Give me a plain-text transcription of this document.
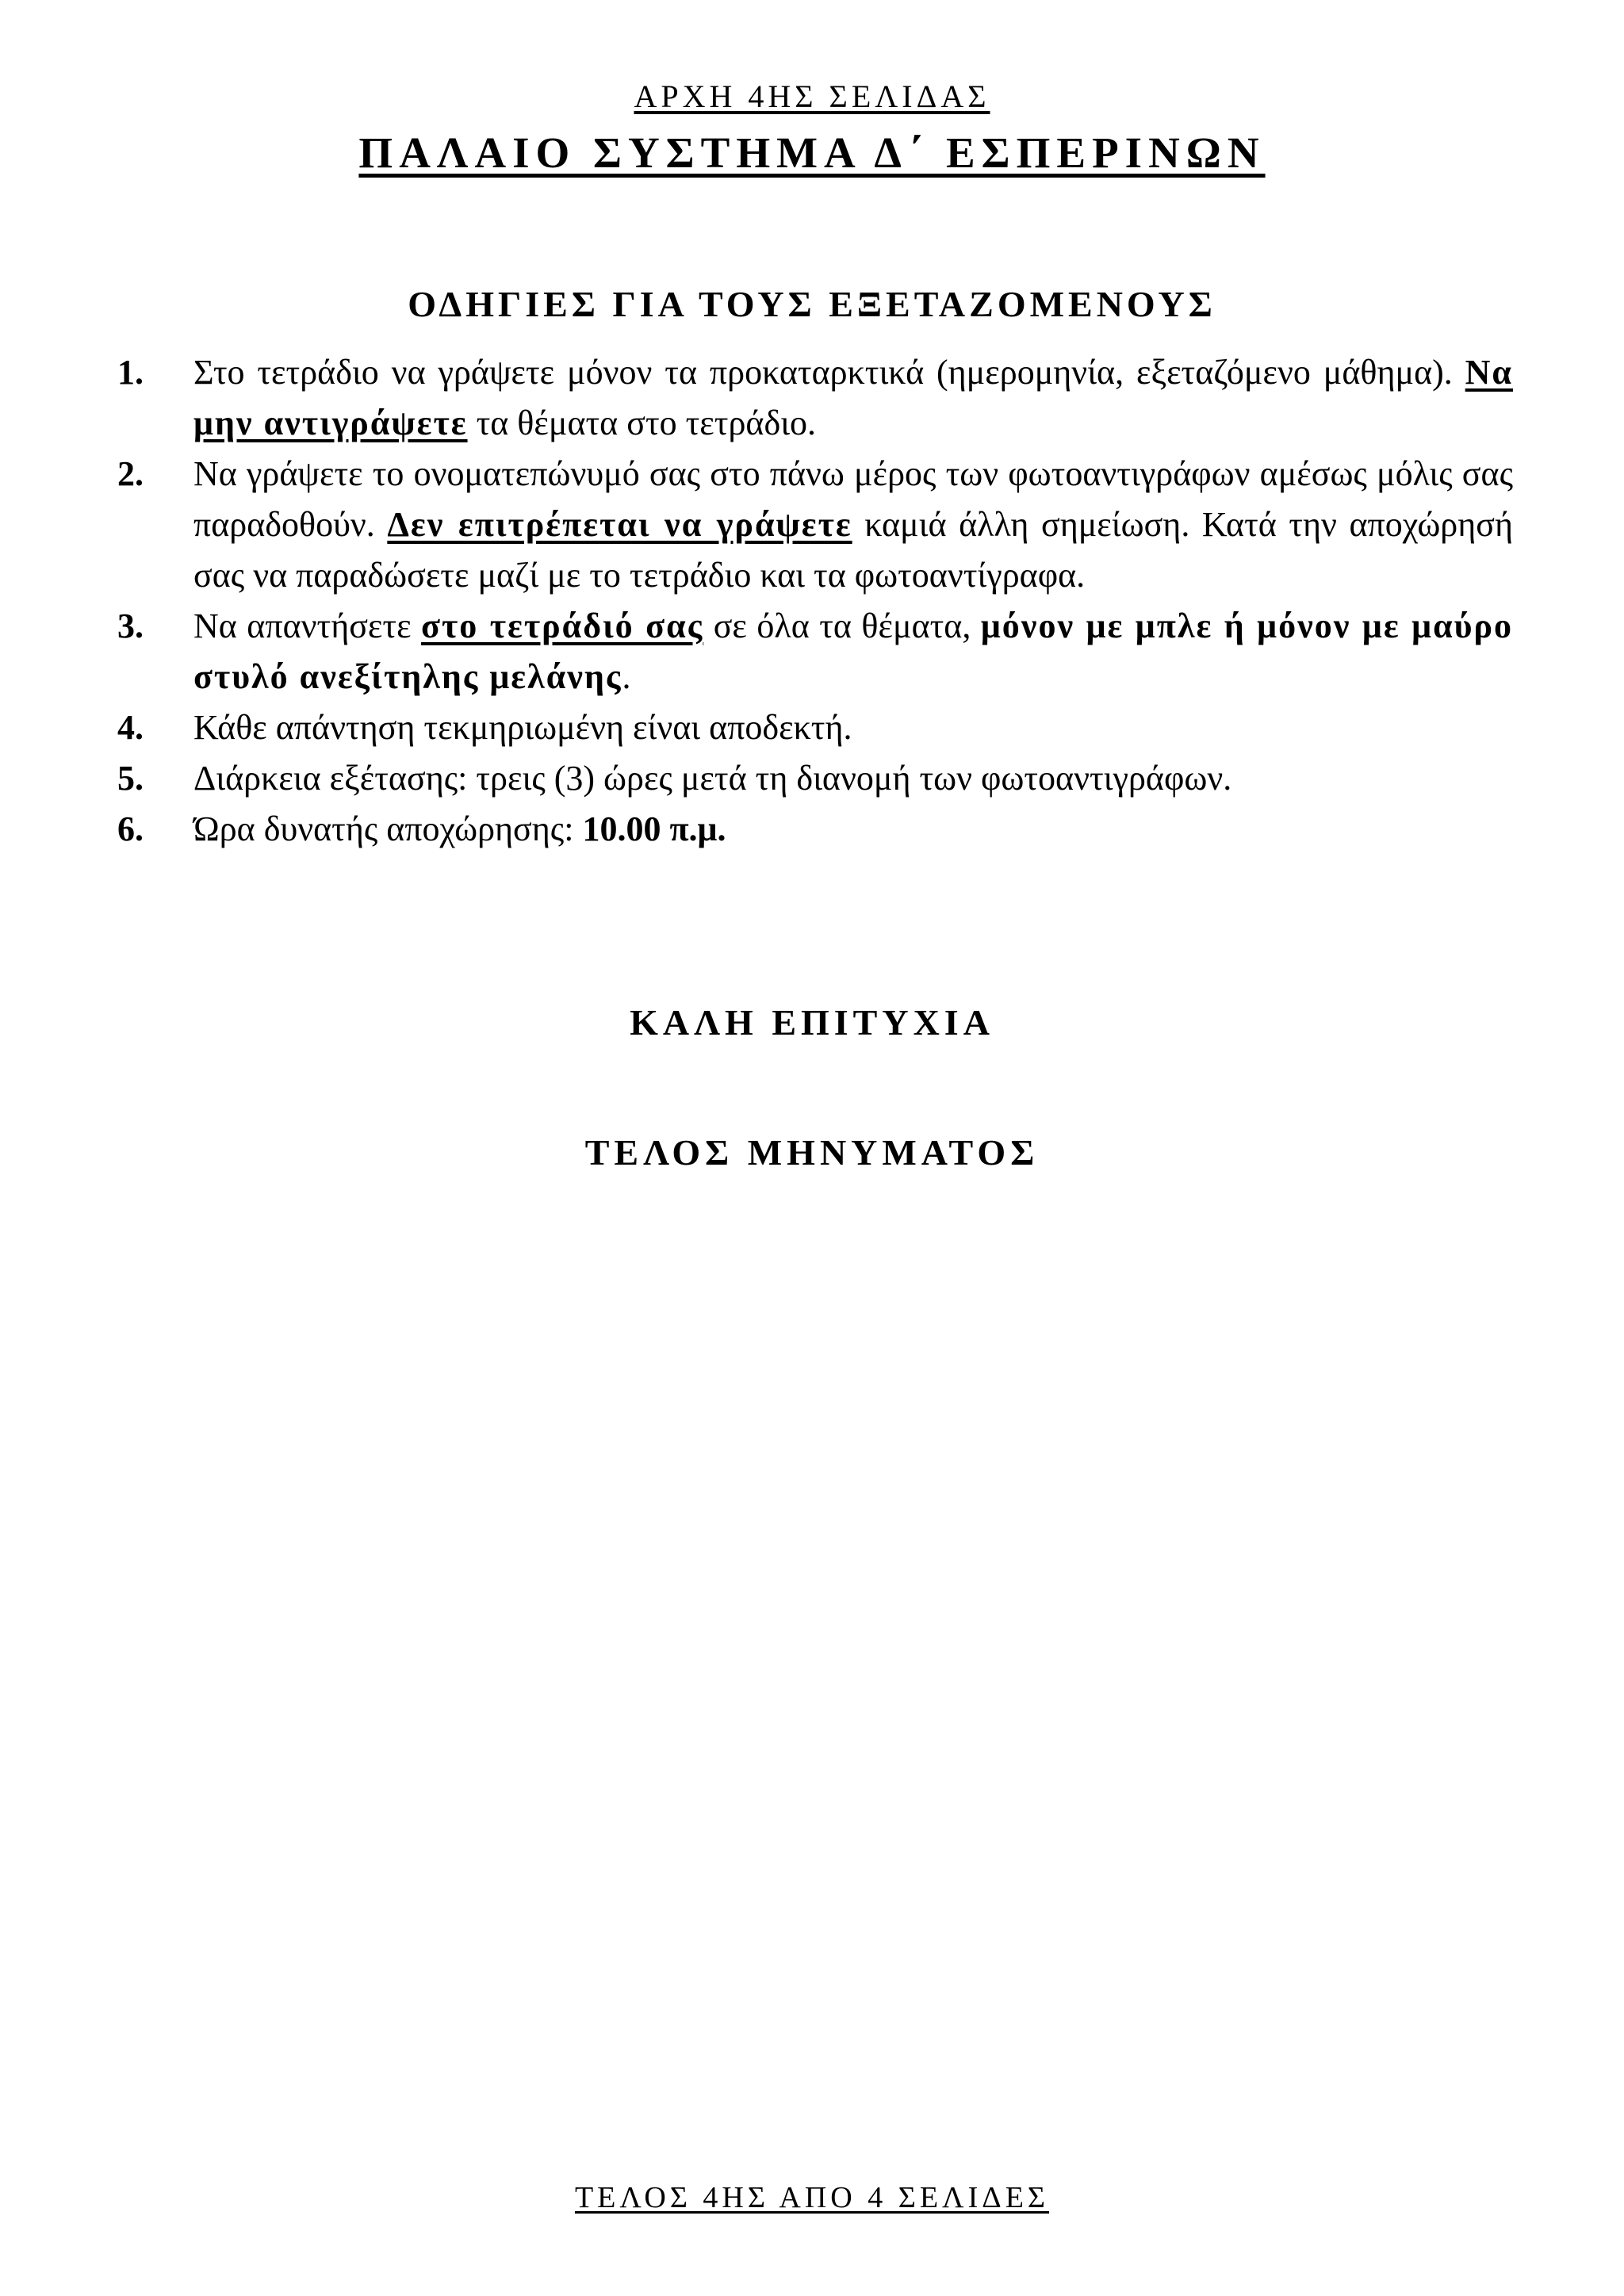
ΑΡΧΗ 4ΗΣ ΣΕΛΙΔΑΣ
ΠΑΛΑΙΟ ΣΥΣΤΗΜΑ Δ΄ ΕΣΠΕΡΙΝΩΝ
ΟΔΗΓΙΕΣ ΓΙΑ ΤΟΥΣ ΕΞΕΤΑΖΟΜΕΝΟΥΣ
1. Στο τετράδιο να γράψετε μόνον τα προκαταρκτικά (ημερομηνία, εξεταζόμενο μάθημα). Να μην αντιγράψετε τα θέματα στο τετράδιο.
2. Να γράψετε το ονοματεπώνυμό σας στο πάνω μέρος των φωτοαντιγράφων αμέσως μόλις σας παραδοθούν. Δεν επιτρέπεται να γράψετε καμιά άλλη σημείωση. Κατά την αποχώρησή σας να παραδώσετε μαζί με το τετράδιο και τα φωτοαντίγραφα.
3. Να απαντήσετε στο τετράδιό σας σε όλα τα θέματα, μόνον με μπλε ή μόνον με μαύρο στυλό ανεξίτηλης μελάνης.
4. Κάθε απάντηση τεκμηριωμένη είναι αποδεκτή.
5. Διάρκεια εξέτασης: τρεις (3) ώρες μετά τη διανομή των φωτοαντιγράφων.
6. Ώρα δυνατής αποχώρησης: 10.00 π.μ.
ΚΑΛΗ ΕΠΙΤΥΧΙΑ
ΤΕΛΟΣ ΜΗΝΥΜΑΤΟΣ
ΤΕΛΟΣ 4ΗΣ ΑΠΟ 4 ΣΕΛΙΔΕΣ
